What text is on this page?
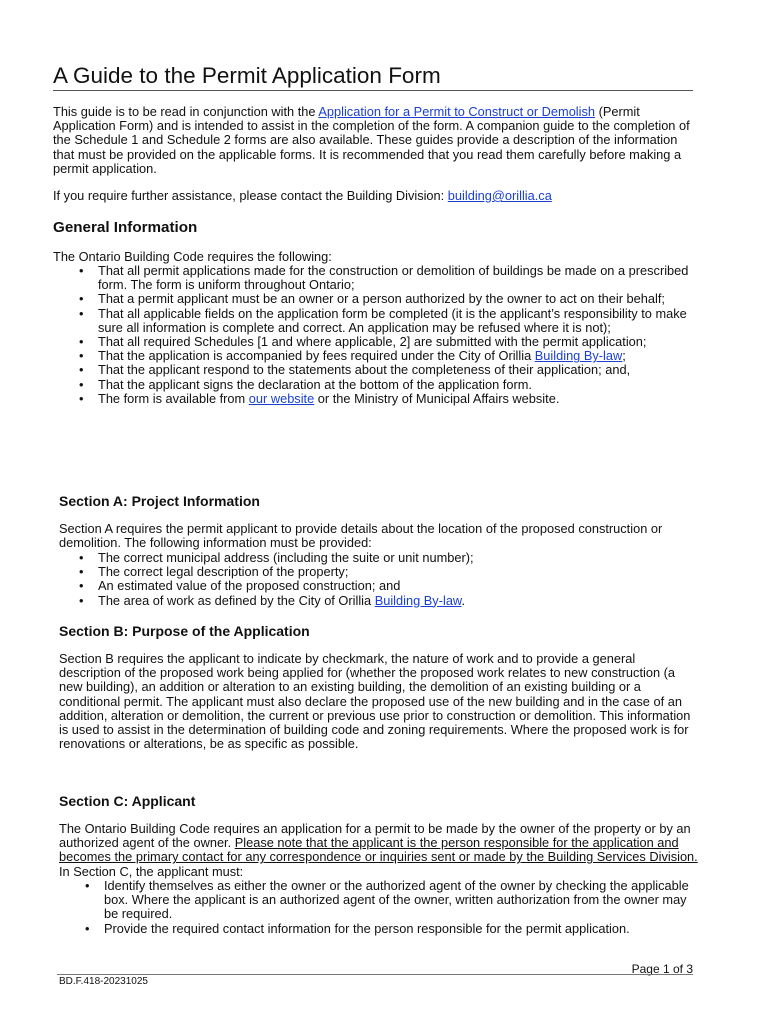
A Guide to the Permit Application Form

This guide is to be read in conjunction with the Application for a Permit to Construct or Demolish (Permit Application Form) and is intended to assist in the completion of the form. A companion guide to the completion of the Schedule 1 and Schedule 2 forms are also available. These guides provide a description of the information that must be provided on the applicable forms. It is recommended that you read them carefully before making a permit application.

If you require further assistance, please contact the Building Division: building@orillia.ca

General Information

The Ontario Building Code requires the following:

• That all permit applications made for the construction or demolition of buildings be made on a prescribed form. The form is uniform throughout Ontario;
• That a permit applicant must be an owner or a person authorized by the owner to act on their behalf;
• That all applicable fields on the application form be completed (it is the applicant’s responsibility to make sure all information is complete and correct. An application may be refused where it is not);
• That all required Schedules [1 and where applicable, 2] are submitted with the permit application;
• That the application is accompanied by fees required under the City of Orillia Building By-law;
• That the applicant respond to the statements about the completeness of their application; and,
• That the applicant signs the declaration at the bottom of the application form.
• The form is available from our website or the Ministry of Municipal Affairs website.
Section A: Project Information

Section A requires the permit applicant to provide details about the location of the proposed construction or demolition. The following information must be provided:

• The correct municipal address (including the suite or unit number);
• The correct legal description of the property;
• An estimated value of the proposed construction; and
• The area of work as defined by the City of Orillia Building By-law.
Section B: Purpose of the Application

Section B requires the applicant to indicate by checkmark, the nature of work and to provide a general description of the proposed work being applied for (whether the proposed work relates to new construction (a new building), an addition or alteration to an existing building, the demolition of an existing building or a conditional permit. The applicant must also declare the proposed use of the new building and in the case of an addition, alteration or demolition, the current or previous use prior to construction or demolition. This information is used to assist in the determination of building code and zoning requirements. Where the proposed work is for renovations or alterations, be as specific as possible.

Section C: Applicant

The Ontario Building Code requires an application for a permit to be made by the owner of the property or by an authorized agent of the owner. Please note that the applicant is the person responsible for the application and becomes the primary contact for any correspondence or inquiries sent or made by the Building Services Division. In Section C, the applicant must:

• Identify themselves as either the owner or the authorized agent of the owner by checking the applicable box. Where the applicant is an authorized agent of the owner, written authorization from the owner may be required.
• Provide the required contact information for the person responsible for the permit application.
Page 1 of 3
BD.F.418-20231025
